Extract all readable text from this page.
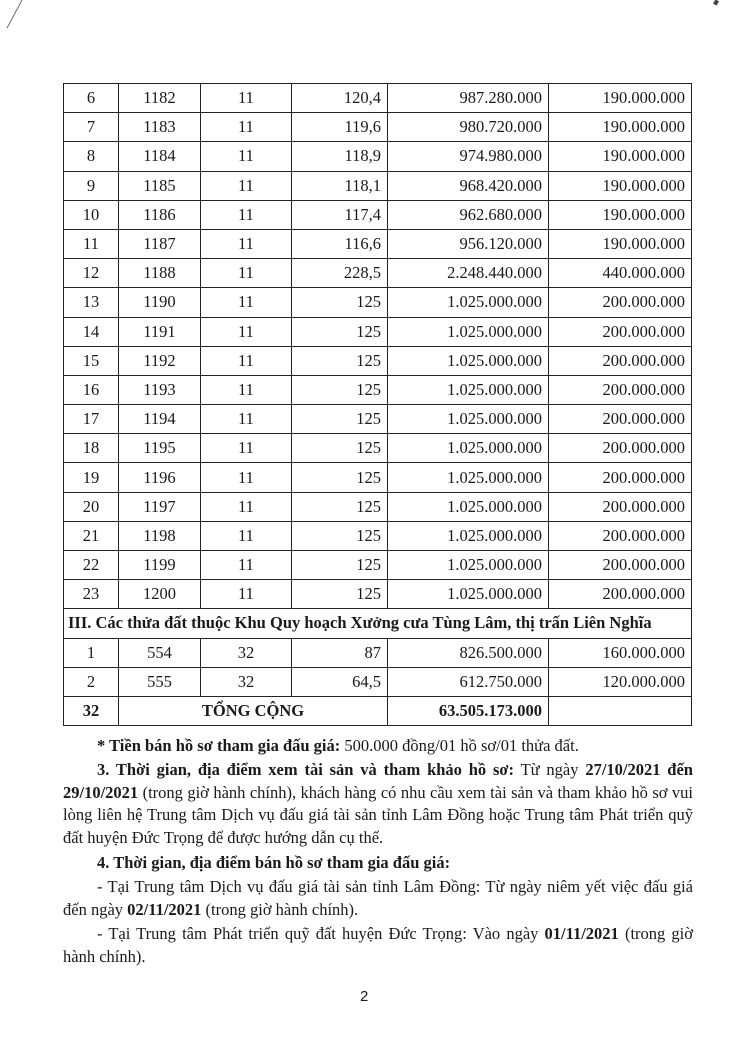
6	1182	11	120,4	987.280.000	190.000.000
7	1183	11	119,6	980.720.000	190.000.000
8	1184	11	118,9	974.980.000	190.000.000
9	1185	11	118,1	968.420.000	190.000.000
10	1186	11	117,4	962.680.000	190.000.000
11	1187	11	116,6	956.120.000	190.000.000
12	1188	11	228,5	2.248.440.000	440.000.000
13	1190	11	125	1.025.000.000	200.000.000
14	1191	11	125	1.025.000.000	200.000.000
15	1192	11	125	1.025.000.000	200.000.000
16	1193	11	125	1.025.000.000	200.000.000
17	1194	11	125	1.025.000.000	200.000.000
18	1195	11	125	1.025.000.000	200.000.000
19	1196	11	125	1.025.000.000	200.000.000
20	1197	11	125	1.025.000.000	200.000.000
21	1198	11	125	1.025.000.000	200.000.000
22	1199	11	125	1.025.000.000	200.000.000
23	1200	11	125	1.025.000.000	200.000.000
III. Các thửa đất thuộc Khu Quy hoạch Xưởng cưa Tùng Lâm, thị trấn Liên Nghĩa					
1	554	32	87	826.500.000	160.000.000
2	555	32	64,5	612.750.000	120.000.000
32	TỔNG CỘNG			63.505.173.000	
* Tiền bán hồ sơ tham gia đấu giá: 500.000 đồng/01 hồ sơ/01 thửa đất.
3. Thời gian, địa điểm xem tài sản và tham khảo hồ sơ: Từ ngày 27/10/2021 đến 29/10/2021 (trong giờ hành chính), khách hàng có nhu cầu xem tài sản và tham khảo hồ sơ vui lòng liên hệ Trung tâm Dịch vụ đấu giá tài sản tỉnh Lâm Đồng hoặc Trung tâm Phát triển quỹ đất huyện Đức Trọng để được hướng dẫn cụ thể.
4. Thời gian, địa điểm bán hồ sơ tham gia đấu giá:
- Tại Trung tâm Dịch vụ đấu giá tài sản tỉnh Lâm Đồng: Từ ngày niêm yết việc đấu giá đến ngày 02/11/2021 (trong giờ hành chính).
- Tại Trung tâm Phát triển quỹ đất huyện Đức Trọng: Vào ngày 01/11/2021 (trong giờ hành chính).
2
